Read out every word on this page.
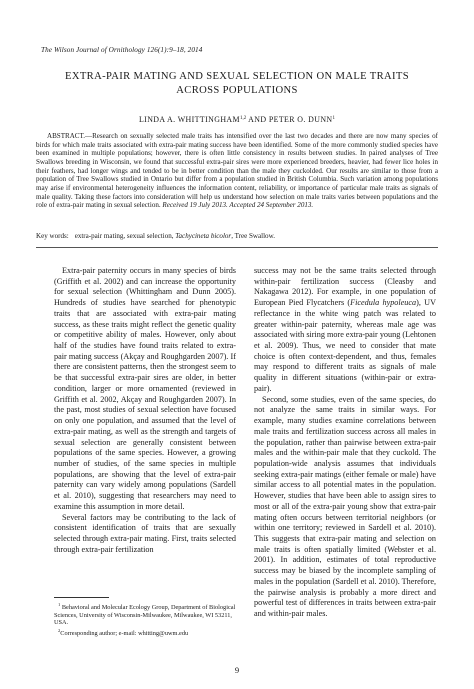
The Wilson Journal of Ornithology 126(1):9–18, 2014
EXTRA-PAIR MATING AND SEXUAL SELECTION ON MALE TRAITS
ACROSS POPULATIONS
LINDA A. WHITTINGHAM$^{1,2}$ AND PETER O. DUNN$^1$
ABSTRACT.—Research on sexually selected male traits has intensified over the last two decades and there are now many species of birds for which male traits associated with extra-pair mating success have been identified. Some of the more commonly studied species have been examined in multiple populations; however, there is often little consistency in results between studies. In paired analyses of Tree Swallows breeding in Wisconsin, we found that successful extra-pair sires were more experienced breeders, heavier, had fewer lice holes in their feathers, had longer wings and tended to be in better condition than the male they cuckolded. Our results are similar to those from a population of Tree Swallows studied in Ontario but differ from a population studied in British Columbia. Such variation among populations may arise if environmental heterogeneity influences the information content, reliability, or importance of particular male traits as signals of male quality. Taking these factors into consideration will help us understand how selection on male traits varies between populations and the role of extra-pair mating in sexual selection. Received 19 July 2013. Accepted 24 September 2013.
Key words: extra-pair mating, sexual selection, Tachycineta bicolor, Tree Swallow.

Extra-pair paternity occurs in many species of birds (Griffith et al. 2002) and can increase the opportunity for sexual selection (Whittingham and Dunn 2005). Hundreds of studies have searched for phenotypic traits that are associated with extra-pair mating success, as these traits might reflect the genetic quality or competitive ability of males. However, only about half of the studies have found traits related to extra-pair mating success (Akçay and Roughgarden 2007). If there are consistent patterns, then the strongest seem to be that successful extra-pair sires are older, in better condition, larger or more ornamented (reviewed in Griffith et al. 2002, Akçay and Roughgarden 2007). In the past, most studies of sexual selection have focused on only one population, and assumed that the level of extra-pair mating, as well as the strength and targets of sexual selection are generally consistent between populations of the same species. However, a growing number of studies, of the same species in multiple populations, are showing that the level of extra-pair paternity can vary widely among populations (Sardell et al. 2010), suggesting that researchers may need to examine this assumption in more detail.

Several factors may be contributing to the lack of consistent identification of traits that are sexually selected through extra-pair mating. First, traits selected through extra-pair fertilization

success may not be the same traits selected through within-pair fertilization success (Cleasby and Nakagawa 2012). For example, in one population of European Pied Flycatchers (Ficedula hypoleuca), UV reflectance in the white wing patch was related to greater within-pair paternity, whereas male age was associated with siring more extra-pair young (Lehtonen et al. 2009). Thus, we need to consider that mate choice is often context-dependent, and thus, females may respond to different traits as signals of male quality in different situations (within-pair or extra-pair).

Second, some studies, even of the same species, do not analyze the same traits in similar ways. For example, many studies examine correlations between male traits and fertilization success across all males in the population, rather than pairwise between extra-pair males and the within-pair male that they cuckold. The population-wide analysis assumes that individuals seeking extra-pair matings (either female or male) have similar access to all potential mates in the population. However, studies that have been able to assign sires to most or all of the extra-pair young show that extra-pair mating often occurs between territorial neighbors (or within one territory; reviewed in Sardell et al. 2010). This suggests that extra-pair mating and selection on male traits is often spatially limited (Webster et al. 2001). In addition, estimates of total reproductive success may be biased by the incomplete sampling of males in the population (Sardell et al. 2010). Therefore, the pairwise analysis is probably a more direct and powerful test of differences in traits between extra-pair and within-pair males.

$^1$ Behavioral and Molecular Ecology Group, Department of Biological Sciences, University of Wisconsin-Milwaukee, Milwaukee, WI 53211, USA.

$^2$Corresponding author; e-mail: whitting@uwm.edu

9
